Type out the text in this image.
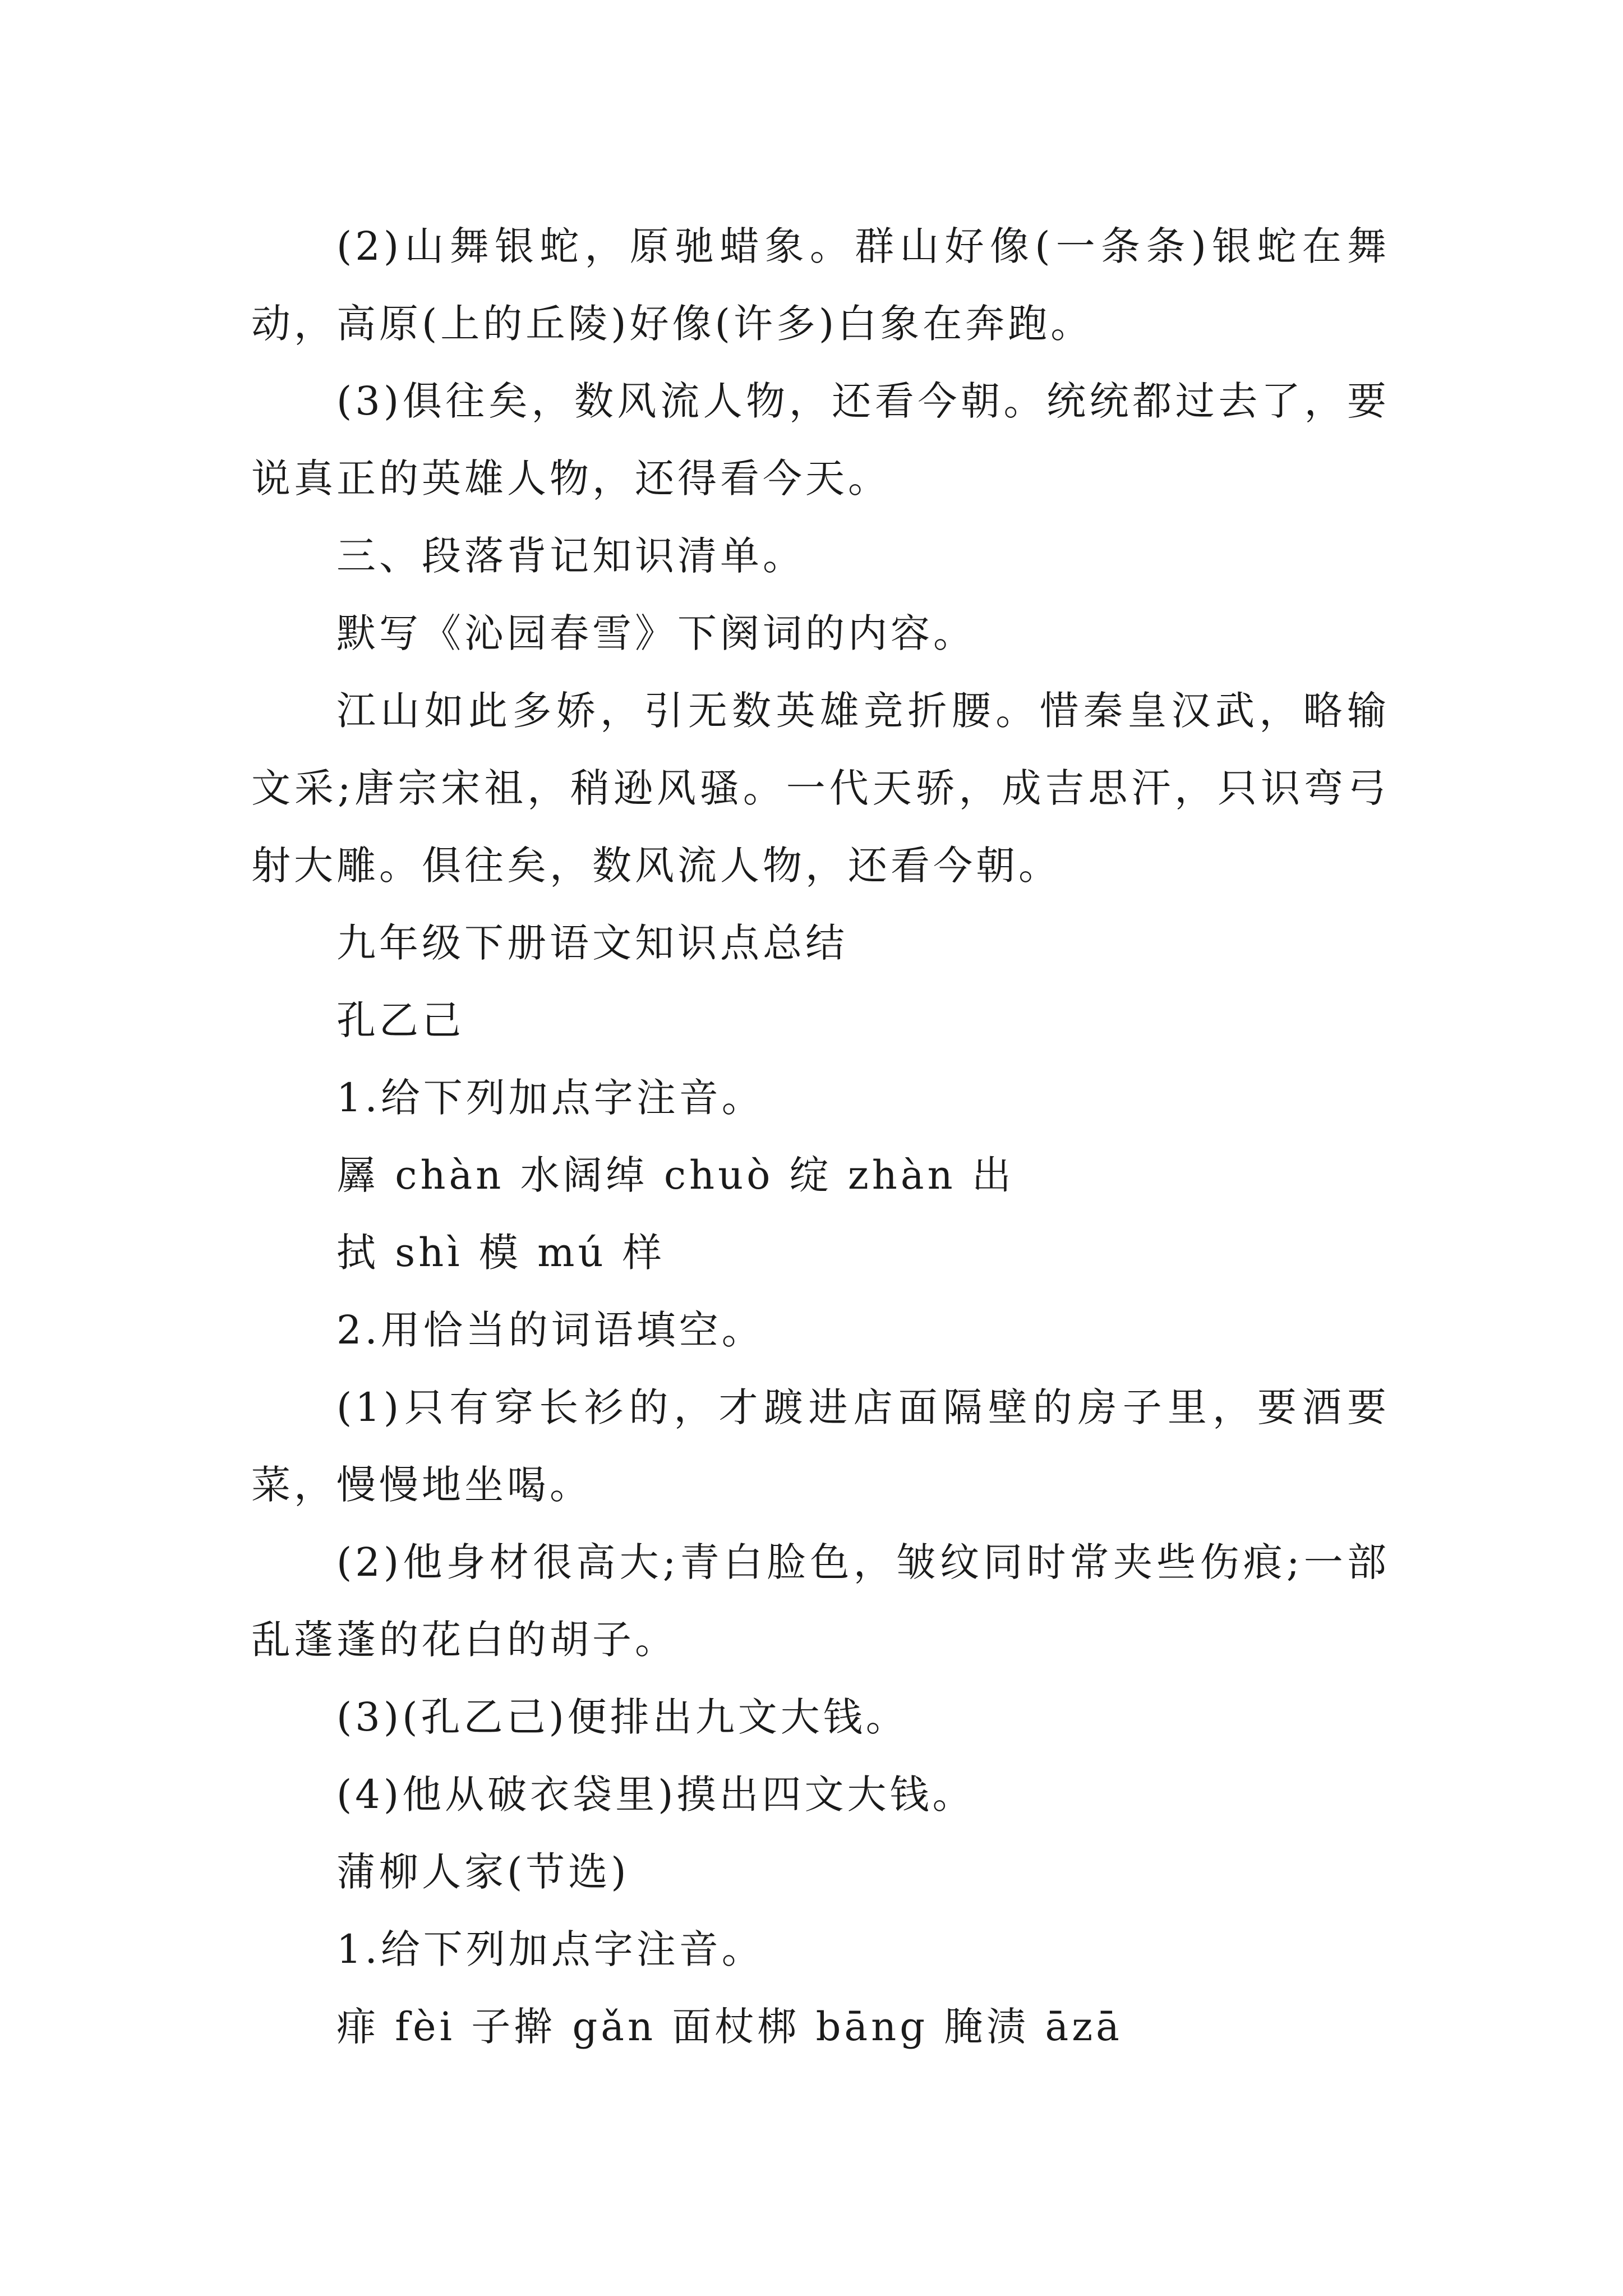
(2)山舞银蛇，原驰蜡象。群山好像(一条条)银蛇在舞动，高原(上的丘陵)好像(许多)白象在奔跑。

(3)俱往矣，数风流人物，还看今朝。统统都过去了，要说真正的英雄人物，还得看今天。

三、段落背记知识清单。

默写《沁园春雪》下阕词的内容。

江山如此多娇，引无数英雄竞折腰。惜秦皇汉武，略输文采;唐宗宋祖，稍逊风骚。一代天骄，成吉思汗，只识弯弓射大雕。俱往矣，数风流人物，还看今朝。

九年级下册语文知识点总结

孔乙己

1.给下列加点字注音。

羼 chàn 水阔绰 chuò 绽 zhàn 出

拭 shì 模 mú 样

2.用恰当的词语填空。

(1)只有穿长衫的，才踱进店面隔壁的房子里，要酒要菜，慢慢地坐喝。

(2)他身材很高大;青白脸色，皱纹同时常夹些伤痕;一部乱蓬蓬的花白的胡子。

(3)(孔乙己)便排出九文大钱。

(4)他从破衣袋里)摸出四文大钱。

蒲柳人家(节选)

1.给下列加点字注音。

痱 fèi 子擀 gǎn 面杖梆 bāng 腌渍 āzā
